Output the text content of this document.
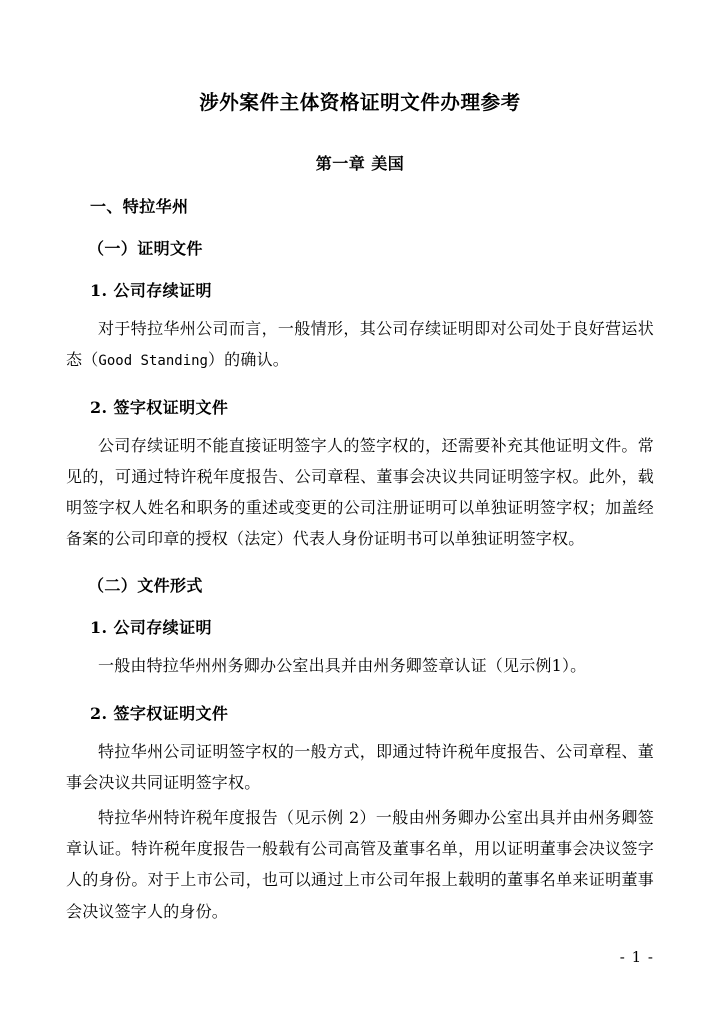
涉外案件主体资格证明文件办理参考
第一章 美国
一、特拉华州
（一）证明文件
1. 公司存续证明

对于特拉华州公司而言，一般情形，其公司存续证明即对公司处于良好营运状态（Good Standing）的确认。

2. 签字权证明文件

公司存续证明不能直接证明签字人的签字权的，还需要补充其他证明文件。常见的，可通过特许税年度报告、公司章程、董事会决议共同证明签字权。此外，载明签字权人姓名和职务的重述或变更的公司注册证明可以单独证明签字权；加盖经备案的公司印章的授权（法定）代表人身份证明书可以单独证明签字权。

（二）文件形式
1. 公司存续证明

一般由特拉华州州务卿办公室出具并由州务卿签章认证（见示例1）。

2. 签字权证明文件

特拉华州公司证明签字权的一般方式，即通过特许税年度报告、公司章程、董事会决议共同证明签字权。

特拉华州特许税年度报告（见示例 2）一般由州务卿办公室出具并由州务卿签章认证。特许税年度报告一般载有公司高管及董事名单，用以证明董事会决议签字人的身份。对于上市公司，也可以通过上市公司年报上载明的董事名单来证明董事会决议签字人的身份。

- 1 -
